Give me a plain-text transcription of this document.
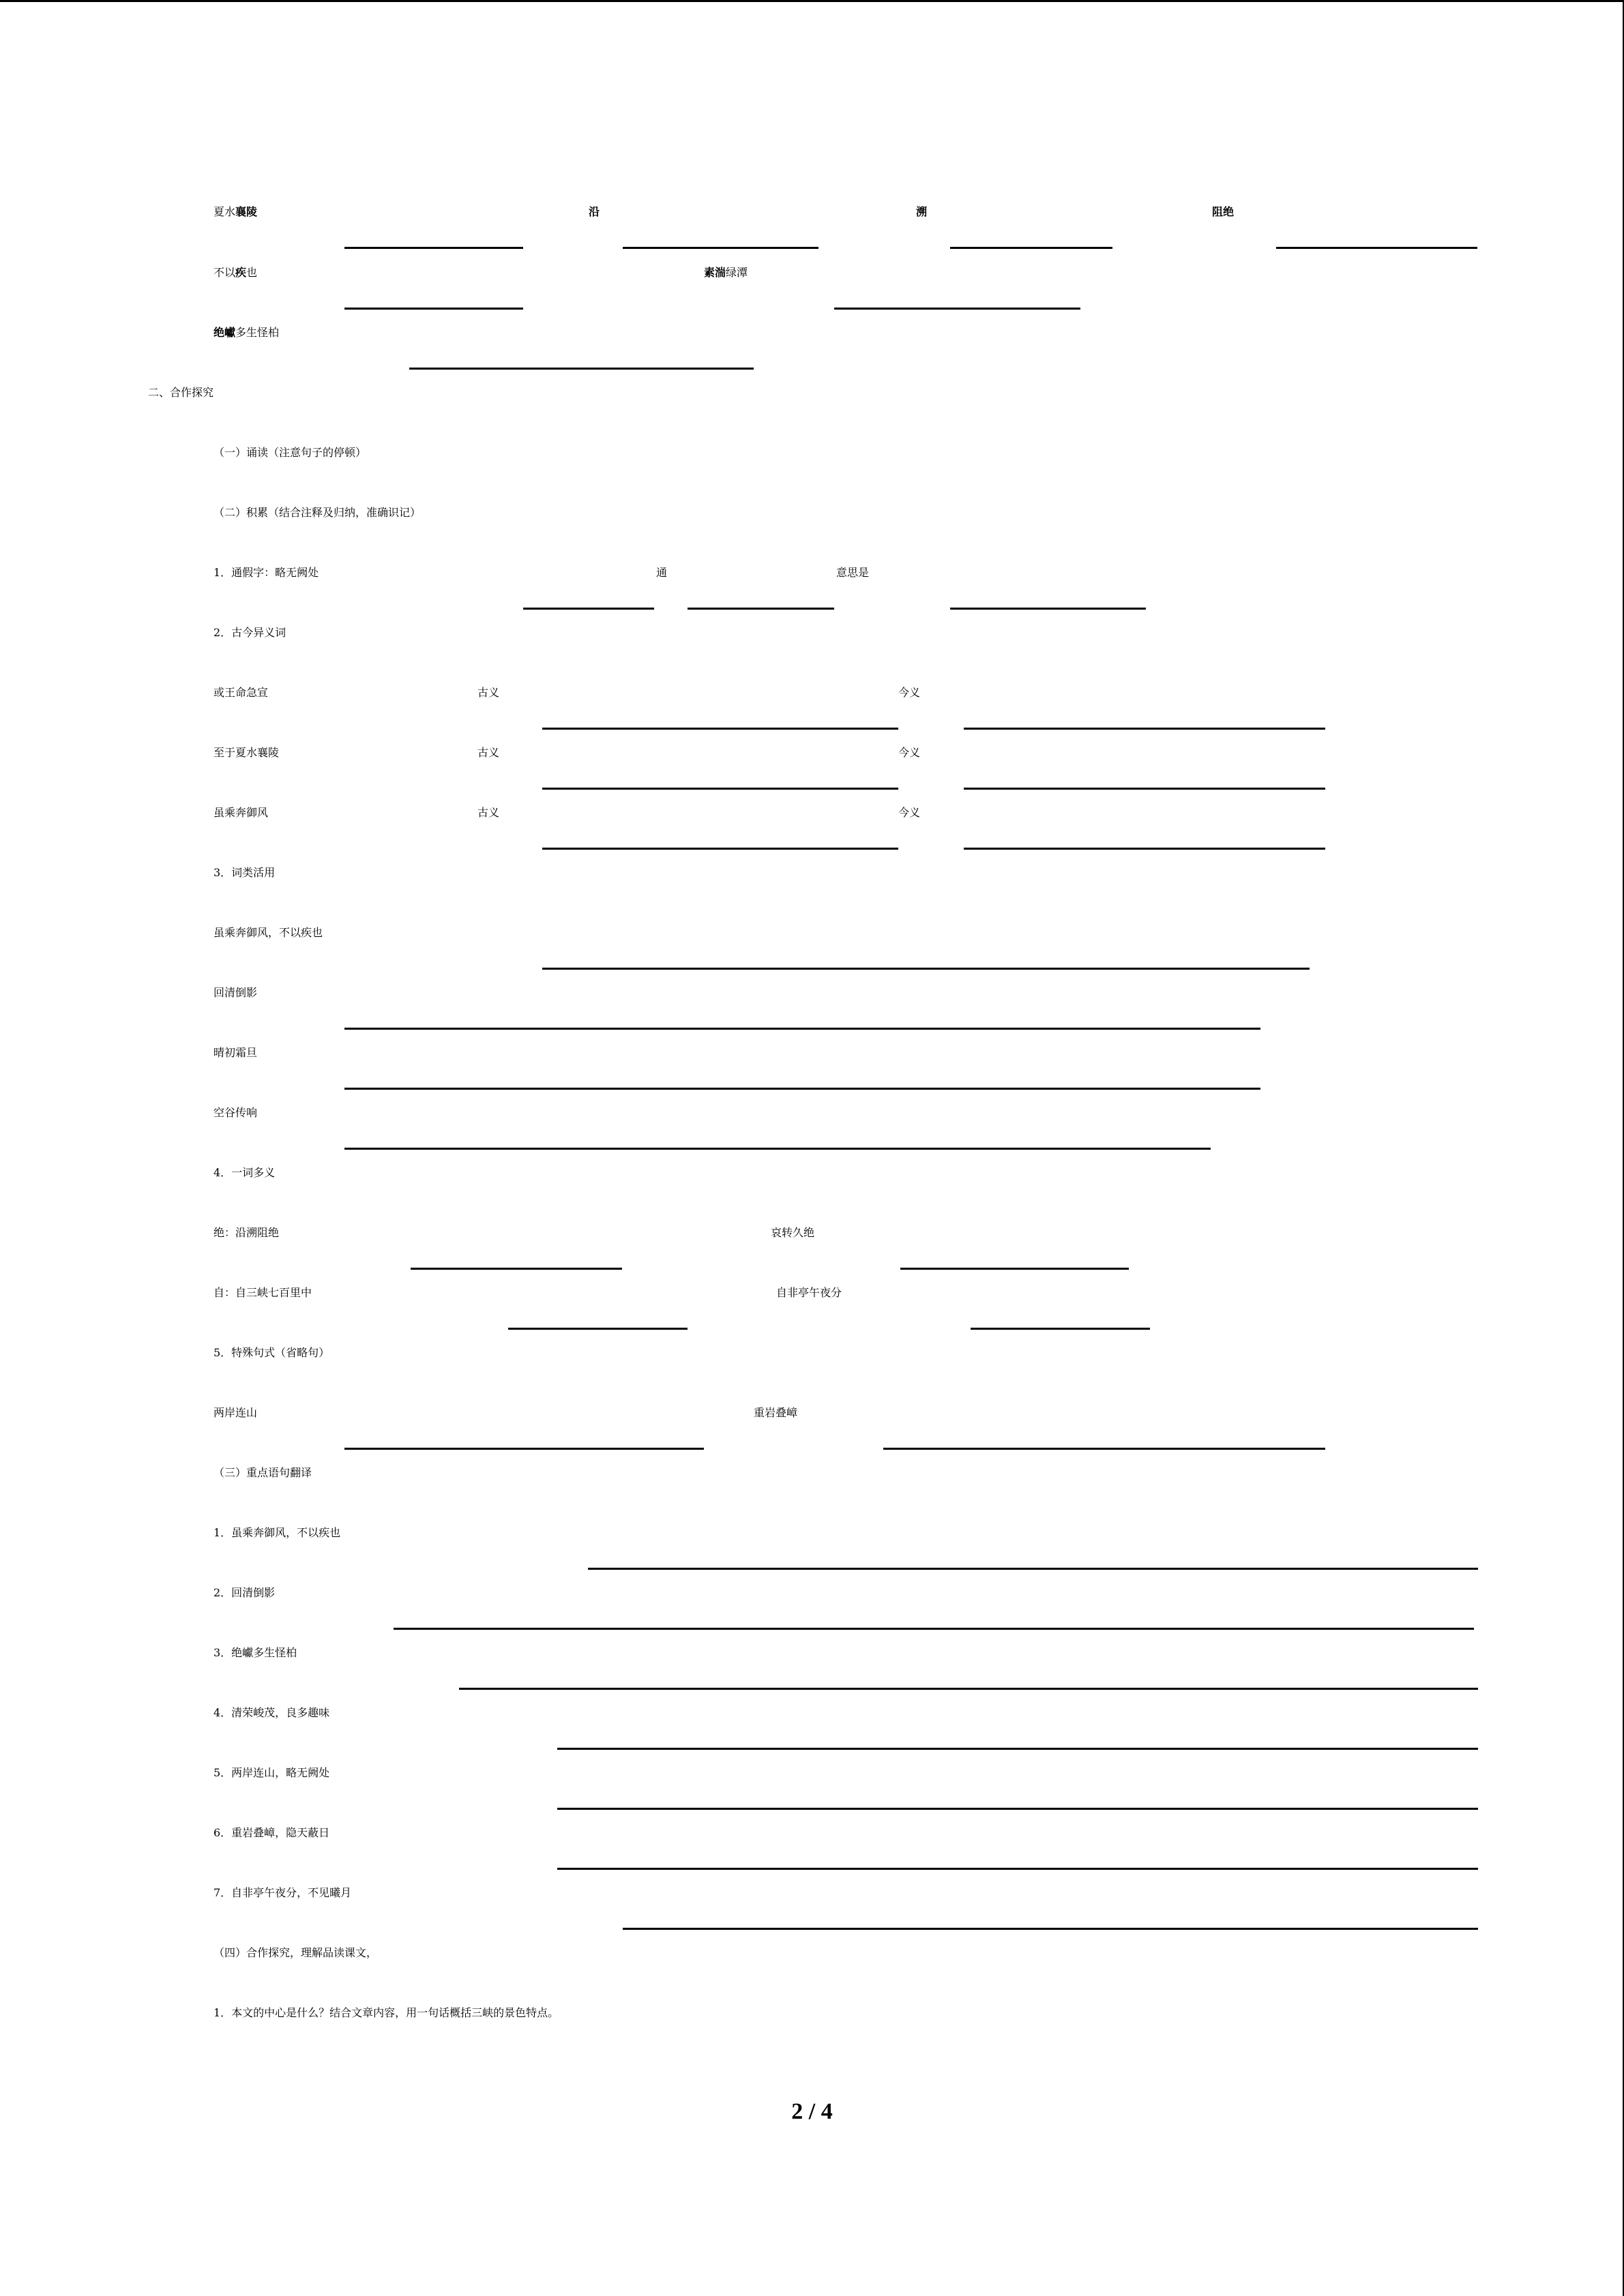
夏水襄陵	沿	溯	阻绝
不以疾也	素湍绿潭
绝巘多生怪柏
二、合作探究
（一）诵读（注意句子的停顿）
（二）积累（结合注释及归纳，准确识记）
1．通假字：略无阙处	通	意思是
2．古今异义词
或王命急宣	古义	今义
至于夏水襄陵	古义	今义
虽乘奔御风	古义	今义
3．词类活用
虽乘奔御风，不以疾也
回清倒影
晴初霜旦
空谷传响
4．一词多义
绝：沿溯阻绝	哀转久绝
自：自三峡七百里中	自非亭午夜分
5．特殊句式（省略句）
两岸连山	重岩叠嶂
（三）重点语句翻译
1．虽乘奔御风，不以疾也
2．回清倒影
3．绝巘多生怪柏
4．清荣峻茂，良多趣味
5．两岸连山，略无阙处
6．重岩叠嶂，隐天蔽日
7．自非亭午夜分，不见曦月
（四）合作探究，理解品读课文，
1．本文的中心是什么？结合文章内容，用一句话概括三峡的景色特点。
2 / 4
